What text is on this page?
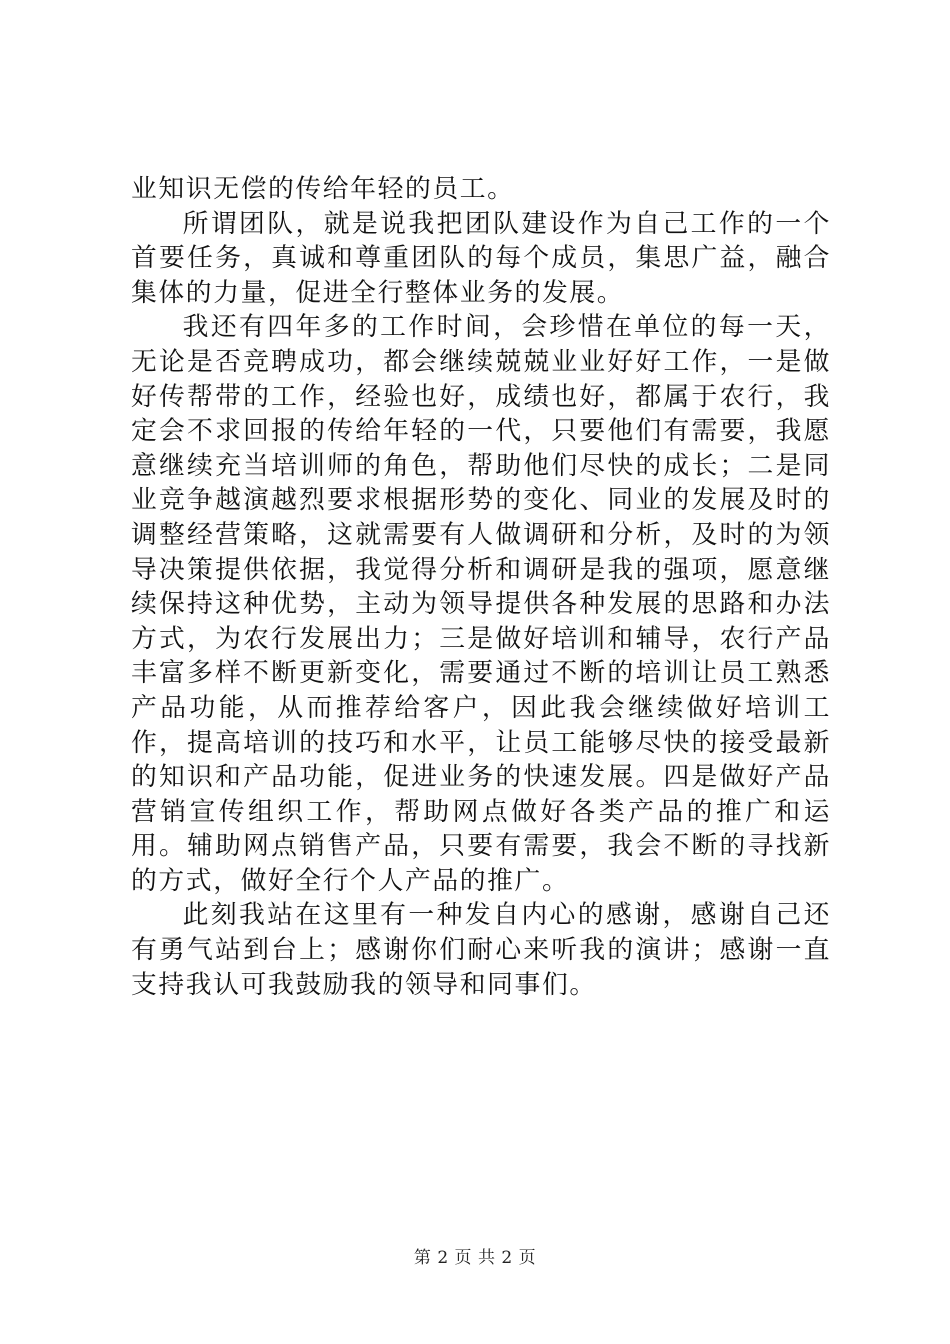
业知识无偿的传给年轻的员工。

所谓团队，就是说我把团队建设作为自己工作的一个首要任务，真诚和尊重团队的每个成员，集思广益，融合集体的力量，促进全行整体业务的发展。

我还有四年多的工作时间，会珍惜在单位的每一天，无论是否竞聘成功，都会继续兢兢业业好好工作，一是做好传帮带的工作，经验也好，成绩也好，都属于农行，我定会不求回报的传给年轻的一代，只要他们有需要，我愿意继续充当培训师的角色，帮助他们尽快的成长；二是同业竞争越演越烈要求根据形势的变化、同业的发展及时的调整经营策略，这就需要有人做调研和分析，及时的为领导决策提供依据，我觉得分析和调研是我的强项，愿意继续保持这种优势，主动为领导提供各种发展的思路和办法方式，为农行发展出力；三是做好培训和辅导，农行产品丰富多样不断更新变化，需要通过不断的培训让员工熟悉产品功能，从而推荐给客户，因此我会继续做好培训工作，提高培训的技巧和水平，让员工能够尽快的接受最新的知识和产品功能，促进业务的快速发展。四是做好产品营销宣传组织工作，帮助网点做好各类产品的推广和运用。辅助网点销售产品，只要有需要，我会不断的寻找新的方式，做好全行个人产品的推广。

此刻我站在这里有一种发自内心的感谢，感谢自己还有勇气站到台上；感谢你们耐心来听我的演讲；感谢一直支持我认可我鼓励我的领导和同事们。

第 2 页 共 2 页
